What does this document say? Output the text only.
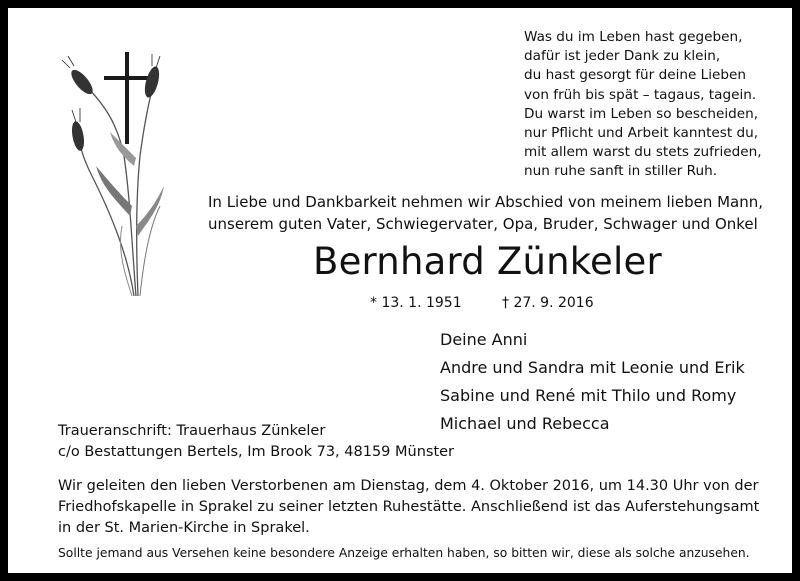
Was du im Leben hast gegeben,
dafür ist jeder Dank zu klein,
du hast gesorgt für deine Lieben
von früh bis spät – tagaus, tagein.
Du warst im Leben so bescheiden,
nur Pflicht und Arbeit kanntest du,
mit allem warst du stets zufrieden,
nun ruhe sanft in stiller Ruh.
In Liebe und Dankbarkeit nehmen wir Abschied von meinem lieben Mann,
unserem guten Vater, Schwiegervater, Opa, Bruder, Schwager und Onkel
Bernhard Zünkeler
* 13. 1. 1951	† 27. 9. 2016
Deine Anni
Andre und Sandra mit Leonie und Erik
Sabine und René mit Thilo und Romy
Michael und Rebecca
Traueranschrift: Trauerhaus Zünkeler
c/o Bestattungen Bertels, Im Brook 73, 48159 Münster
Wir geleiten den lieben Verstorbenen am Dienstag, dem 4. Oktober 2016, um 14.30 Uhr von der
Friedhofskapelle in Sprakel zu seiner letzten Ruhestätte. Anschließend ist das Auferstehungsamt
in der St. Marien-Kirche in Sprakel.
Sollte jemand aus Versehen keine besondere Anzeige erhalten haben, so bitten wir, diese als solche anzusehen.
